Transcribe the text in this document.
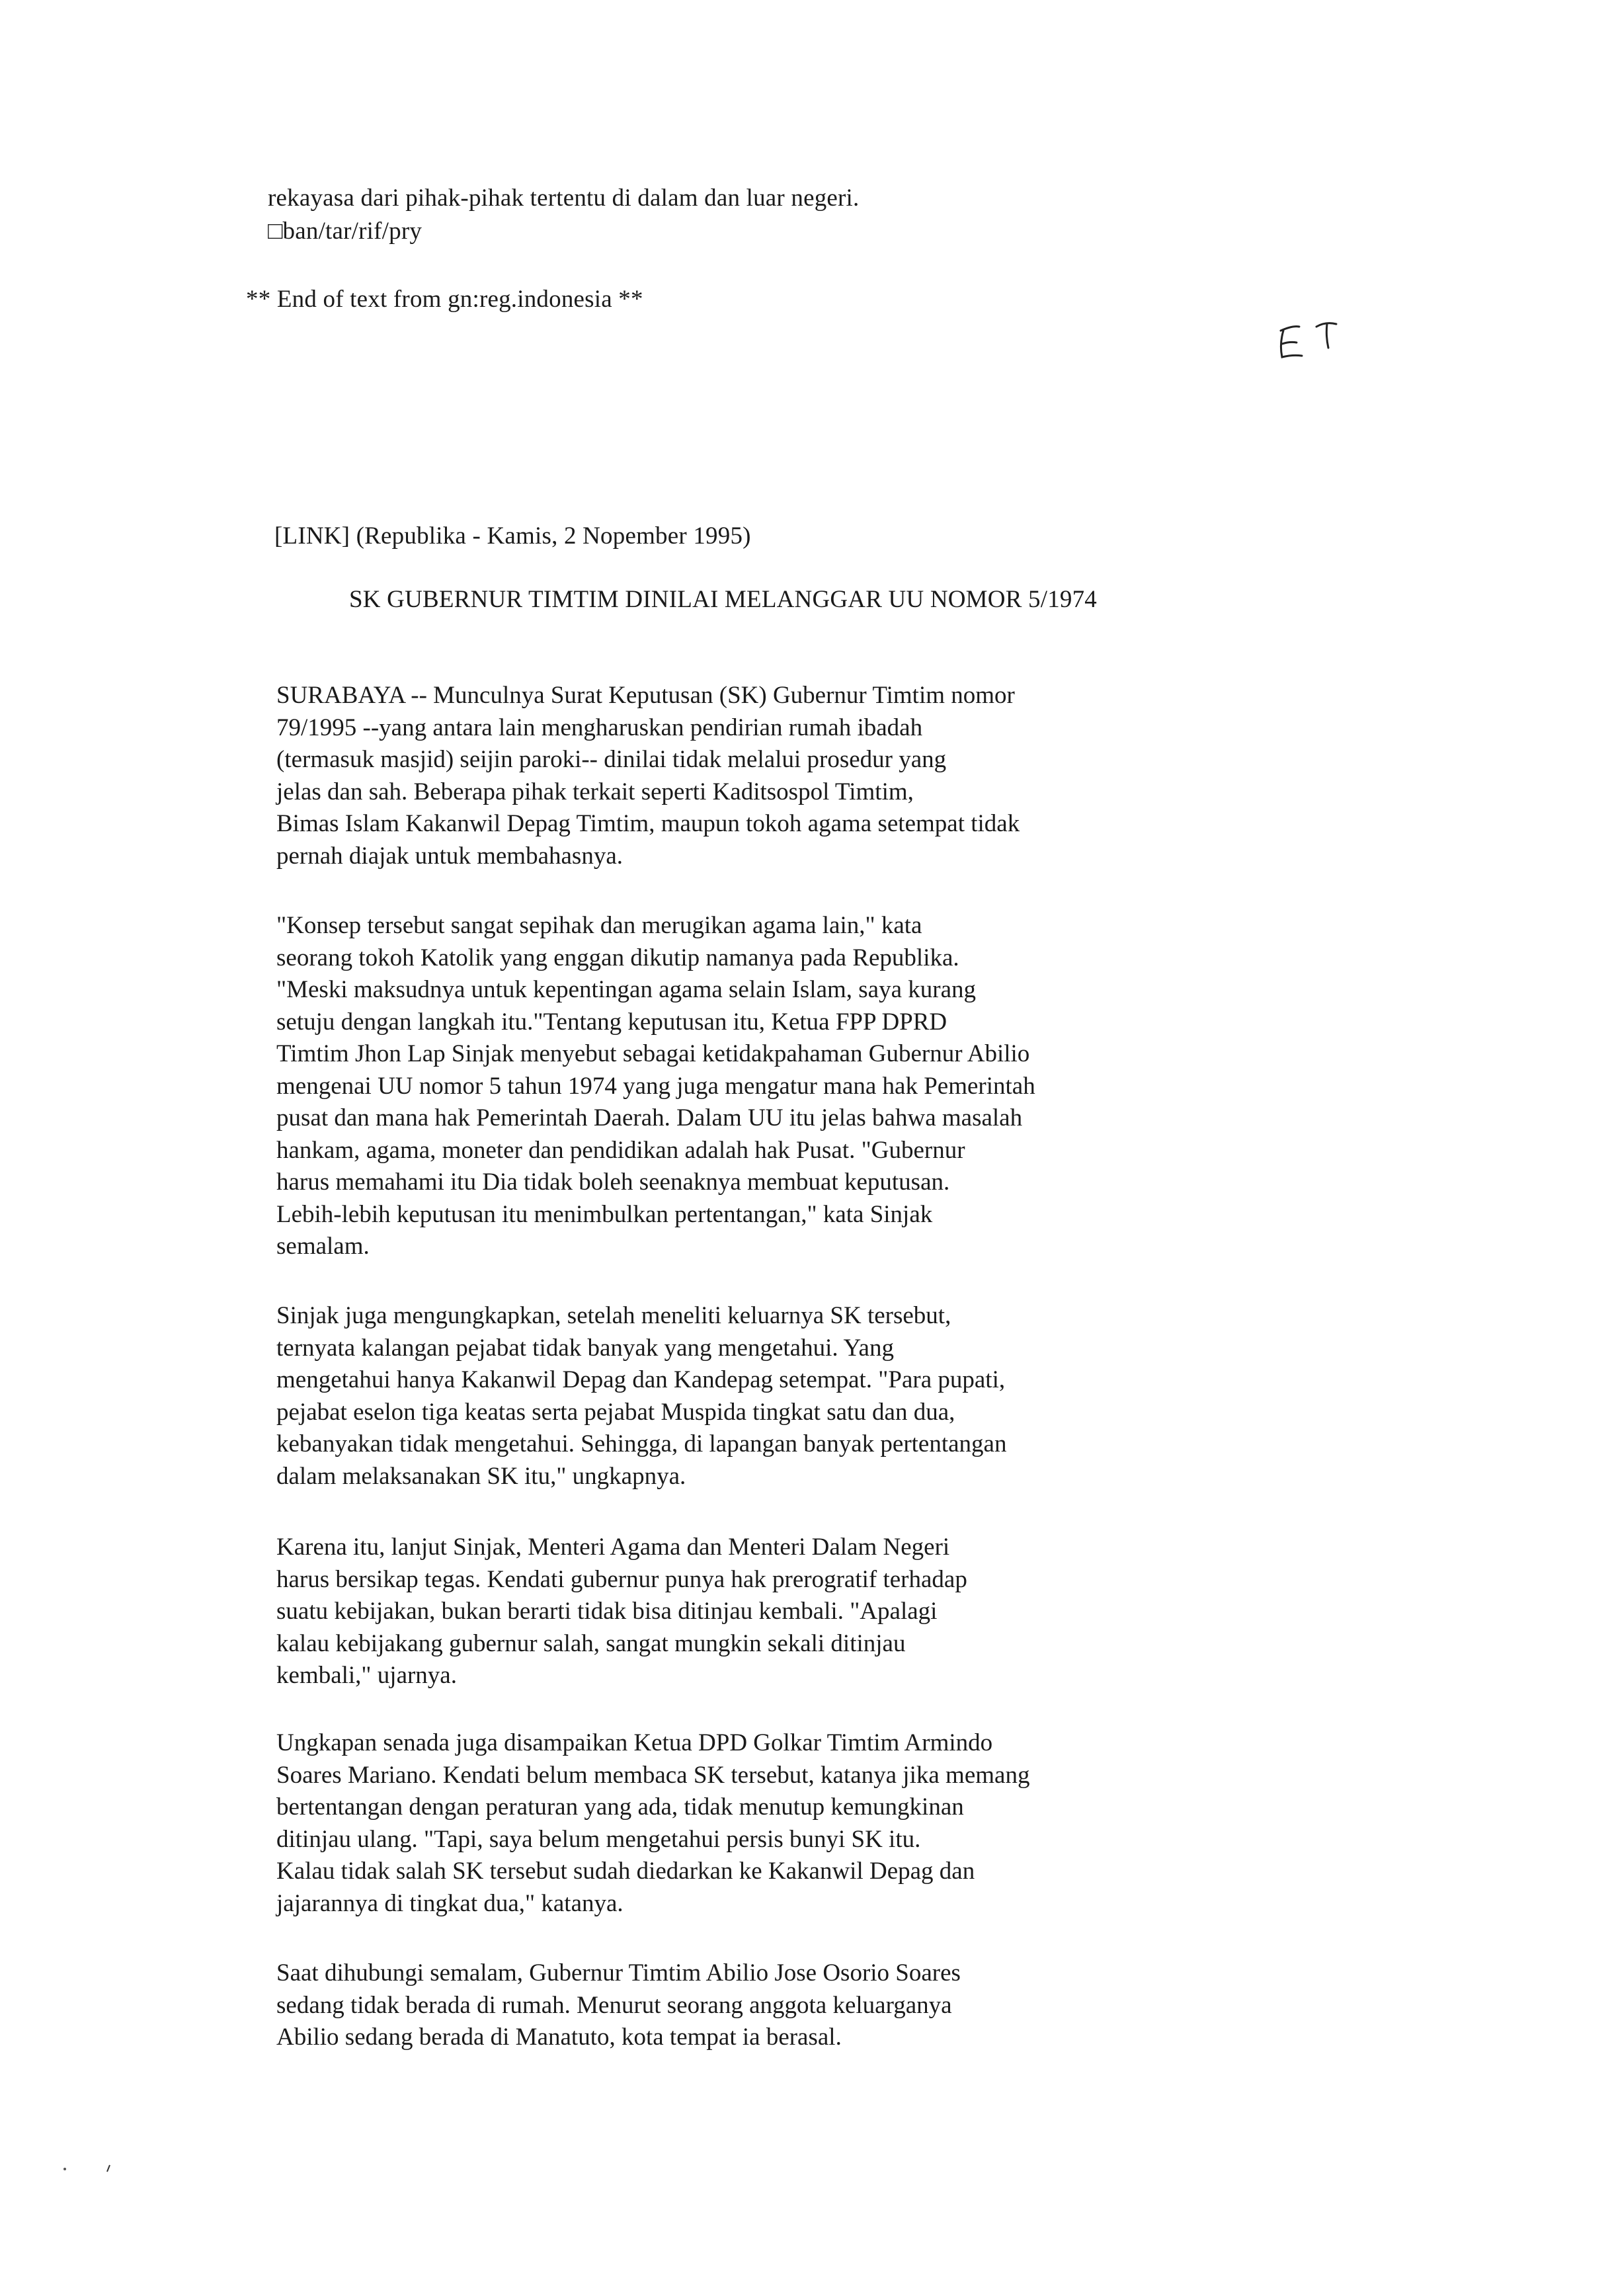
rekayasa dari pihak-pihak tertentu di dalam dan luar negeri.
□ban/tar/rif/pry
** End of text from gn:reg.indonesia **
[LINK] (Republika - Kamis, 2 Nopember 1995)
SK GUBERNUR TIMTIM DINILAI MELANGGAR UU NOMOR 5/1974
SURABAYA -- Munculnya Surat Keputusan (SK) Gubernur Timtim nomor
79/1995 --yang antara lain mengharuskan pendirian rumah ibadah
(termasuk masjid) seijin paroki-- dinilai tidak melalui prosedur yang
jelas dan sah. Beberapa pihak terkait seperti Kaditsospol Timtim,
Bimas Islam Kakanwil Depag Timtim, maupun tokoh agama setempat tidak
pernah diajak untuk membahasnya.
"Konsep tersebut sangat sepihak dan merugikan agama lain," kata
seorang tokoh Katolik yang enggan dikutip namanya pada Republika.
"Meski maksudnya untuk kepentingan agama selain Islam, saya kurang
setuju dengan langkah itu."Tentang keputusan itu, Ketua FPP DPRD
Timtim Jhon Lap Sinjak menyebut sebagai ketidakpahaman Gubernur Abilio
mengenai UU nomor 5 tahun 1974 yang juga mengatur mana hak Pemerintah
pusat dan mana hak Pemerintah Daerah. Dalam UU itu jelas bahwa masalah
hankam, agama, moneter dan pendidikan adalah hak Pusat. "Gubernur
harus memahami itu Dia tidak boleh seenaknya membuat keputusan.
Lebih-lebih keputusan itu menimbulkan pertentangan," kata Sinjak
semalam.
Sinjak juga mengungkapkan, setelah meneliti keluarnya SK tersebut,
ternyata kalangan pejabat tidak banyak yang mengetahui. Yang
mengetahui hanya Kakanwil Depag dan Kandepag setempat. "Para pupati,
pejabat eselon tiga keatas serta pejabat Muspida tingkat satu dan dua,
kebanyakan tidak mengetahui. Sehingga, di lapangan banyak pertentangan
dalam melaksanakan SK itu," ungkapnya.
Karena itu, lanjut Sinjak, Menteri Agama dan Menteri Dalam Negeri
harus bersikap tegas. Kendati gubernur punya hak prerogratif terhadap
suatu kebijakan, bukan berarti tidak bisa ditinjau kembali. "Apalagi
kalau kebijakang gubernur salah, sangat mungkin sekali ditinjau
kembali," ujarnya.
Ungkapan senada juga disampaikan Ketua DPD Golkar Timtim Armindo
Soares Mariano. Kendati belum membaca SK tersebut, katanya jika memang
bertentangan dengan peraturan yang ada, tidak menutup kemungkinan
ditinjau ulang. "Tapi, saya belum mengetahui persis bunyi SK itu.
Kalau tidak salah SK tersebut sudah diedarkan ke Kakanwil Depag dan
jajarannya di tingkat dua," katanya.
Saat dihubungi semalam, Gubernur Timtim Abilio Jose Osorio Soares
sedang tidak berada di rumah. Menurut seorang anggota keluarganya
Abilio sedang berada di Manatuto, kota tempat ia berasal.
